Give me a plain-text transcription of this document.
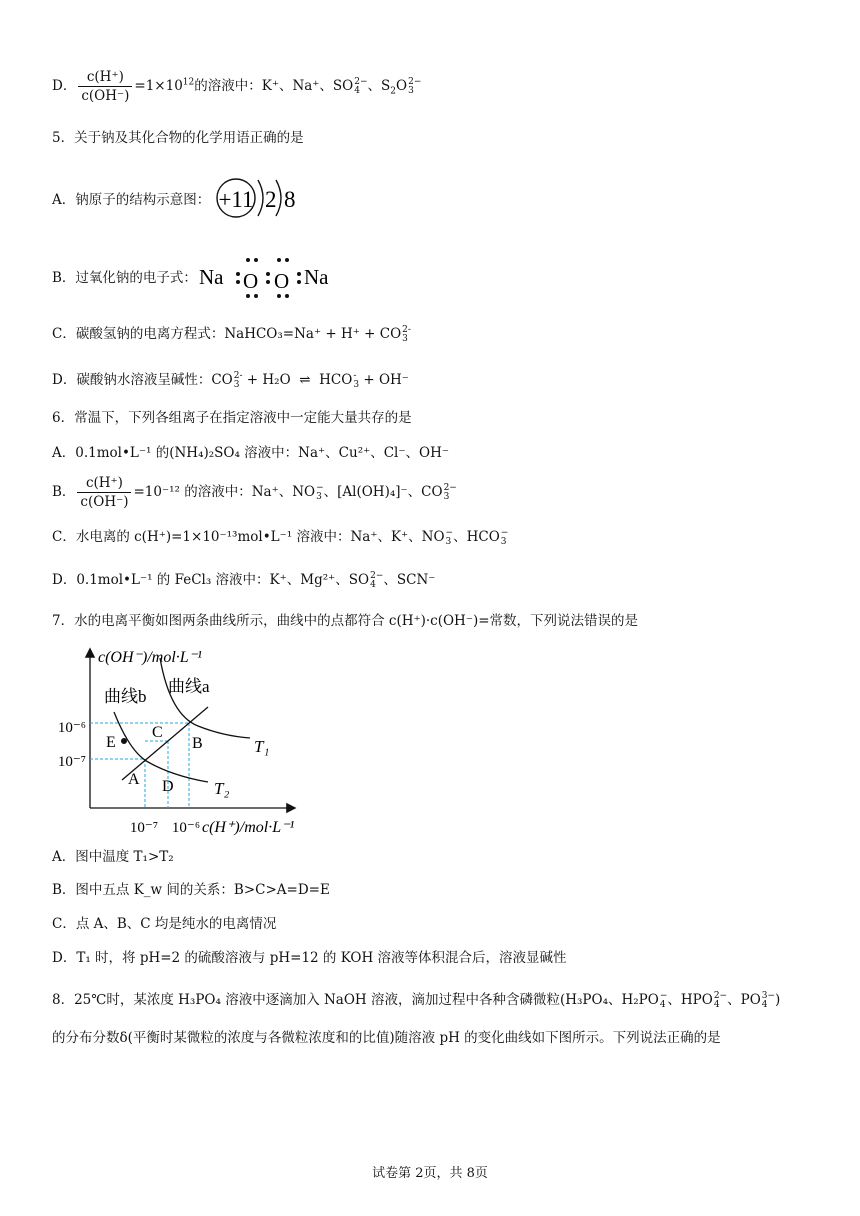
D． $\frac{c(H^+)}{c(OH^-)} =1\times 10^{12}$的溶液中：K⁺、Na⁺、SO 2−
4 、$S_2O$ 2−
3
5．关于钠及其化合物的化学用语正确的是
A．钠原子的结构示意图： +11 2 8
B．过氧化钠的电子式： Na O O Na
C．碳酸氢钠的电离方程式：NaHCO₃=Na⁺ + H⁺ + CO 2-
3
D．碳酸钠水溶液呈碱性：CO 2-
3 + H₂O  ⇌  HCO -
3 + OH⁻
6．常温下，下列各组离子在指定溶液中一定能大量共存的是
A．0.1mol•L⁻¹ 的(NH₄)₂SO₄ 溶液中：Na⁺、Cu²⁺、Cl⁻、OH⁻
B． $\frac{c(H^+)}{c(OH^-)} =10^{-12}$ 的溶液中：Na⁺、NO −
3 、[Al(OH)₄]⁻、CO 2−
3
C．水电离的 c(H⁺)=1×10⁻¹³mol•L⁻¹ 溶液中：Na⁺、K⁺、NO −
3 、HCO −
3
D．0.1mol•L⁻¹ 的 FeCl₃ 溶液中：K⁺、Mg²⁺、SO 2−
4 、SCN⁻
7．水的电离平衡如图两条曲线所示，曲线中的点都符合 c(H⁺)·c(OH⁻)=常数，下列说法错误的是
c(OH⁻)/mol·L⁻¹
c(H⁺)/mol·L⁻¹
10⁻⁶
10⁻⁷
10⁻⁷ 10⁻⁶
曲线b
曲线a
T₁
T₂
E
C
B
A D
A．图中温度 T₁>T₂
B．图中五点 K_w 间的关系：B>C>A=D=E
C．点 A、B、C 均是纯水的电离情况
D．T₁ 时，将 pH=2 的硫酸溶液与 pH=12 的 KOH 溶液等体积混合后，溶液显碱性
8．25℃时，某浓度 H₃PO₄ 溶液中逐滴加入 NaOH 溶液，滴加过程中各种含磷微粒(H₃PO₄、H₂PO −
4 、HPO 2−
4 、PO 3−
4 )
的分布分数δ(平衡时某微粒的浓度与各微粒浓度和的比值)随溶液 pH 的变化曲线如下图所示。下列说法正确的是
试卷第 2页，共 8页
